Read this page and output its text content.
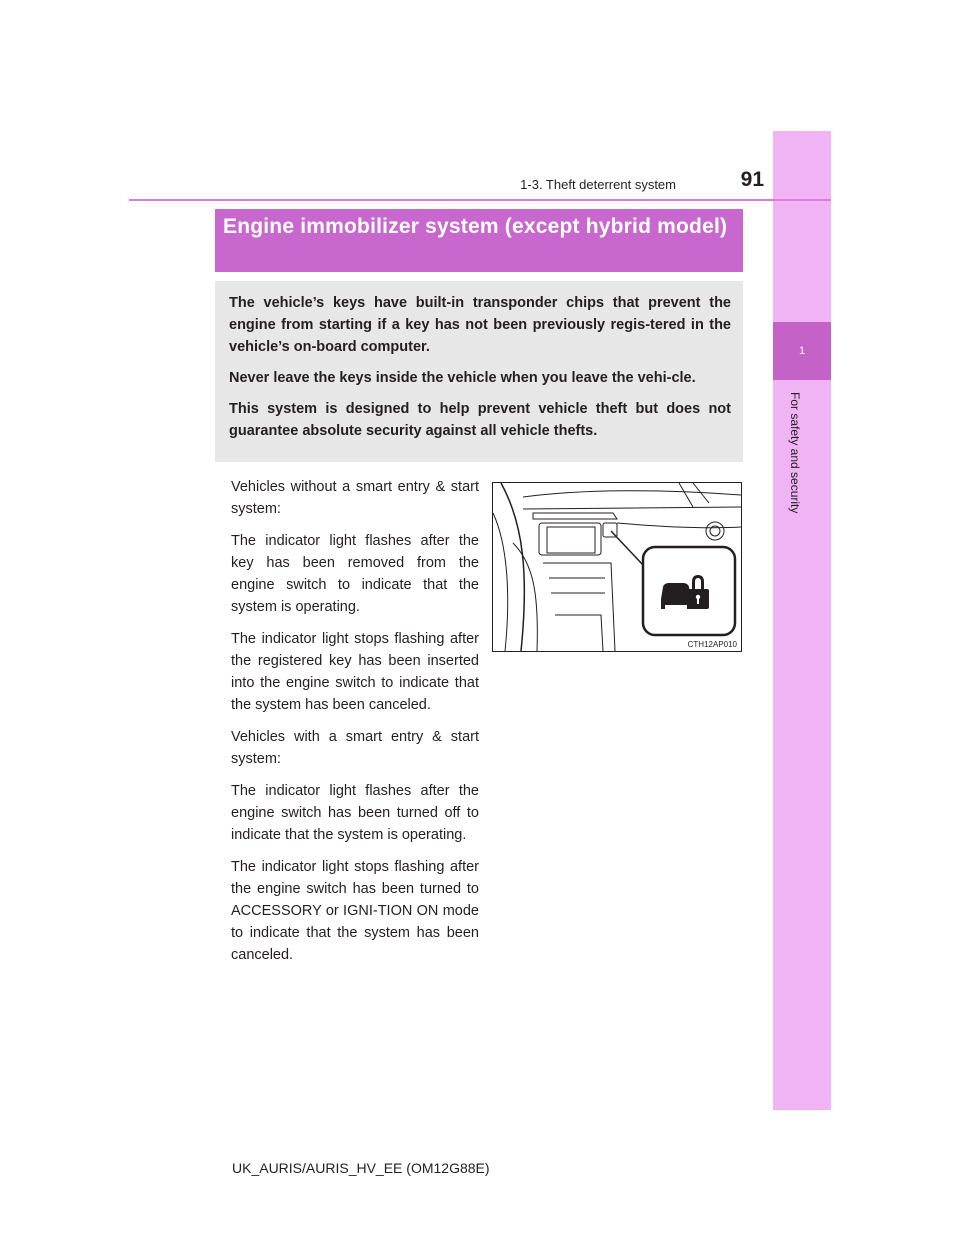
1
For safety and security
1-3. Theft deterrent system	91
Engine immobilizer system (except hybrid model)

The vehicle’s keys have built-in transponder chips that prevent the engine from starting if a key has not been previously regis-tered in the vehicle’s on-board computer.

Never leave the keys inside the vehicle when you leave the vehi-cle.

This system is designed to help prevent vehicle theft but does not guarantee absolute security against all vehicle thefts.

Vehicles without a smart entry & start system:

The indicator light flashes after the key has been removed from the engine switch to indicate that the system is operating.

The indicator light stops flashing after the registered key has been inserted into the engine switch to indicate that the system has been canceled.

Vehicles with a smart entry & start system:

The indicator light flashes after the engine switch has been turned off to indicate that the system is operating.

The indicator light stops flashing after the engine switch has been turned to ACCESSORY or IGNI-TION ON mode to indicate that the system has been canceled.

CTH12AP010
UK_AURIS/AURIS_HV_EE (OM12G88E)
